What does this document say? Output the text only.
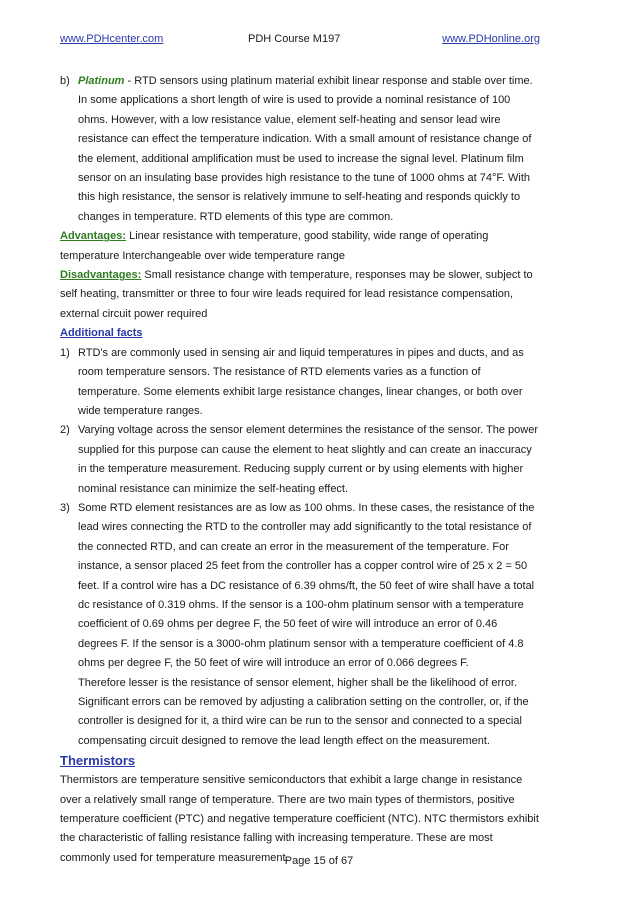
www.PDHcenter.com	PDH Course M197	www.PDHonline.org
b) Platinum - RTD sensors using platinum material exhibit linear response and stable over time. In some applications a short length of wire is used to provide a nominal resistance of 100 ohms. However, with a low resistance value, element self-heating and sensor lead wire resistance can effect the temperature indication. With a small amount of resistance change of the element, additional amplification must be used to increase the signal level. Platinum film sensor on an insulating base provides high resistance to the tune of 1000 ohms at 74°F. With this high resistance, the sensor is relatively immune to self-heating and responds quickly to changes in temperature. RTD elements of this type are common.

Advantages: Linear resistance with temperature, good stability, wide range of operating temperature Interchangeable over wide temperature range

Disadvantages: Small resistance change with temperature, responses may be slower, subject to self heating, transmitter or three to four wire leads required for lead resistance compensation, external circuit power required

Additional facts

1) RTD's are commonly used in sensing air and liquid temperatures in pipes and ducts, and as room temperature sensors. The resistance of RTD elements varies as a function of temperature. Some elements exhibit large resistance changes, linear changes, or both over wide temperature ranges.

2) Varying voltage across the sensor element determines the resistance of the sensor. The power supplied for this purpose can cause the element to heat slightly and can create an inaccuracy in the temperature measurement. Reducing supply current or by using elements with higher nominal resistance can minimize the self-heating effect.

3) Some RTD element resistances are as low as 100 ohms. In these cases, the resistance of the lead wires connecting the RTD to the controller may add significantly to the total resistance of the connected RTD, and can create an error in the measurement of the temperature. For instance, a sensor placed 25 feet from the controller has a copper control wire of 25 x 2 = 50 feet. If a control wire has a DC resistance of 6.39 ohms/ft, the 50 feet of wire shall have a total dc resistance of 0.319 ohms. If the sensor is a 100-ohm platinum sensor with a temperature coefficient of 0.69 ohms per degree F, the 50 feet of wire will introduce an error of 0.46 degrees F. If the sensor is a 3000-ohm platinum sensor with a temperature coefficient of 4.8 ohms per degree F, the 50 feet of wire will introduce an error of 0.066 degrees F.

Therefore lesser is the resistance of sensor element, higher shall be the likelihood of error.

Significant errors can be removed by adjusting a calibration setting on the controller, or, if the controller is designed for it, a third wire can be run to the sensor and connected to a special compensating circuit designed to remove the lead length effect on the measurement.

Thermistors

Thermistors are temperature sensitive semiconductors that exhibit a large change in resistance over a relatively small range of temperature. There are two main types of thermistors, positive temperature coefficient (PTC) and negative temperature coefficient (NTC). NTC thermistors exhibit the characteristic of falling resistance falling with increasing temperature. These are most commonly used for temperature measurement.

Page 15 of 67
